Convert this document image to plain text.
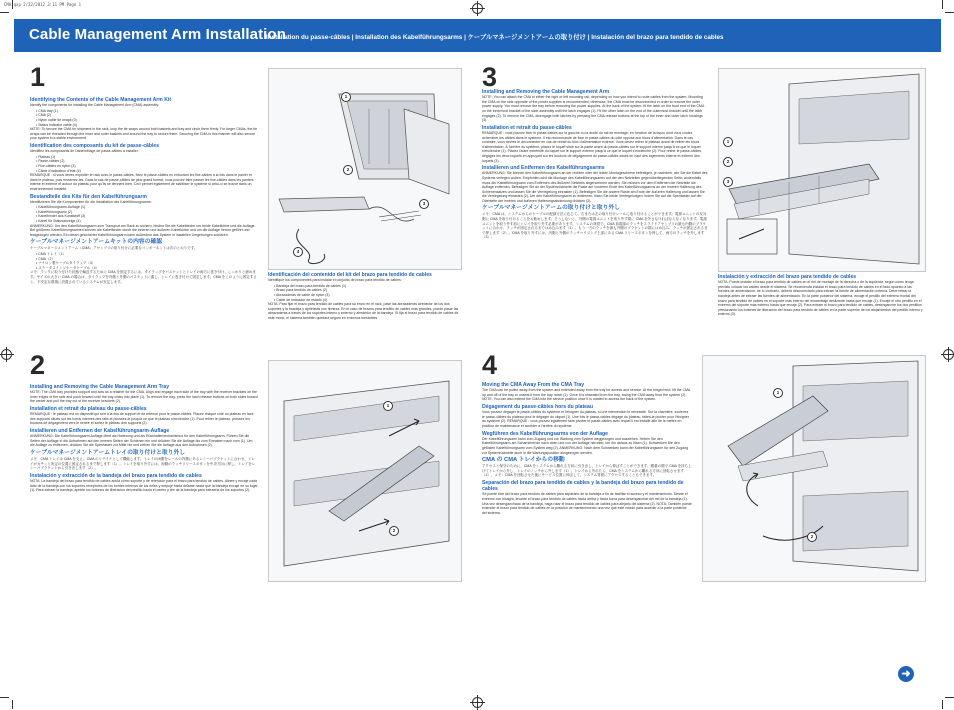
CMA.qxp 2/22/2012 3:11 PM Page 1
Cable Management Arm Installation
Installation du passe-câbles | Installation des Kabelführungsarms | ケーブルマネージメントアームの取り付け | Instalación del brazo para tendido de cables
1
Identifying the Contents of the Cable Management Arm Kit
Identify the components for installing the Cable Management Arm (CMA) assembly:
• CMA tray (1)
• CMA (2)
• Nylon cable tie wraps (3)
• Status indicator cable (4)
NOTE: To secure the CMA for shipment in the rack, loop the tie wraps around both baskets and tray and cinch them firmly. For larger CMAs, the tie wraps can be threaded through the inner and outer baskets and around the tray to secure them. Securing the CMA in this manner will also secure your system in a stable environment.
Identification des composants du kit de passe-câbles
Identifiez les composants de l'assemblage de passe-câbles à installer :
• Plateau (1)
• Passe-câbles (2)
• Fixe-câbles en nylon (3)
• Câble d'indicateur d'état (4)
REMARQUE : si vous devez expédier le rack avec le passe-câbles, fixez le passe-câbles en entourant les fixe-câbles à la fois dans le panier et dans le plateau, puis resserrez-les. Dans le cas de passe-câbles de plus grand format, vous pouvez faire passer les fixe-câbles dans les paniers interne et externe et autour du plateau pour qu'ils se tiennent bien. Ceci permet également de stabiliser le système si celui-ci se trouve dans un environnement instable.
Bestandteile des Kits für den Kabelführungsarm
Identifizieren Sie die Komponenten für die Installation des Kabelführungsarms:
• Kabelführungsarm-Auflage (1)
• Kabelführungsarm (2)
• Kabelbinder aus Kunststoff (3)
• Kabel für Statusanzeige (4)
ANMERKUNG: Um den Kabelführungsarm zum Transport am Rack zu sichern, binden Sie die Kabelbinder um beide Kabelkörbe und die Auflage. Bei größeren Kabelführungsarmen können die Kabelbinder durch die inneren und äußeren Kabelkörbe und um die Auflage herum geführt und festgezogen werden. Ein derart gesicherter Kabelführungsarm kann außerdem das System in instabilen Umgebungen schützen.
ケーブルマネージメントアームキットの内容の確認
ケーブルマネージメントアーム（CMA）アセンブリの取り付けに必要なコンポーネントは次のとおりです。
• CMA トレイ（1）
• CMA（2）
• ナイロン製ケーブルタイラップ（3）
• ステータスインジケータケーブル（4）
メモ：ラックに取り付けた状態で輸送するために CMA を固定するには、タイラップをバスケットとトレイの両方に巻き付け、しっかりと締めます。サイズの大きい CMA の場合は、タイラップを内側と外側のバスケットに通し、トレイに巻き付けて固定します。CMA をこのように固定すると、不安定な環境に設置されているシステムが安定します。
1
2
3
4
Identificación del contenido del kit del brazo para tendido de cables
Identifique los componentes para instalar el conjunto de brazo para tendido de cables:
• Bandeja del brazo para tendido de cables (1)
• Brazo para tendido de cables (2)
• Abrazaderas de cable de nylon (3)
• Cable de indicador de estado (4)
NOTA: Para fijar el brazo para tendido de cables para su envío en el rack, pase las abrazaderas alrededor de los dos soportes y la bandeja y apriételas con firmeza. En el caso de brazos para tendido de cables más grandes, puede pasar las abrazaderas a través de los soportes interno y externo y alrededor de la bandeja. Si fija el brazo para tendido de cables de este modo, el sistema también quedará seguro en entornos inestables.
2
Installing and Removing the Cable Management Arm Tray
NOTE: The CMA tray provides support and acts as a retainer for the CMA. Align and engage each side of the tray with the receiver brackets on the inner edges of the rails and push forward until the tray clicks into place (1). To remove the tray, press the latch release buttons on both sides toward the center and pull the tray out of the receiver brackets (2).
Installation et retrait du plateau du passe-câbles
REMARQUE : le plateau est un dispositif qui sert à la fois de support et de retenue pour le passe-câbles. Placez chaque côté du plateau en face des supports situés sur les bords internes des rails et poussez-le jusqu'à ce que le plateau s'enclenche (1). Pour retirer le plateau, pressez les boutons de dégagement vers le centre et sortez le plateau des supports (2).
Installieren und Entfernen der Kabelführungsarm-Auflage
ANMERKUNG: Die Kabelführungsarm-Auflage dient als Halterung und als Rückhaltemechanismus für den Kabelführungsarm. Führen Sie die Seiten der Auflage in die Aufnahmen auf den inneren Seiten der Schienen ein und drücken Sie die Auflage bis zum Einrasten nach vorn (1). Um die Auflage zu entfernen, drücken Sie die Sperrtaster zur Mitte hin und ziehen Sie die Auflage aus den Aufnahmen (2).
ケーブルマネージメントアームトレイの取り付けと取り外し
メモ：CMA トレイは CMA を支え、CMA のリテイナとして機能します。トレイの両側をレールの内側にあるレシーバブラケットに合わせ、トレイがカチッと所定の位置に固定されるまで押します（1）。トレイを取り外すには、両側のラッチリリースボタンを中央方向に押し、トレイをレシーバブラケットから引き出します（2）。
Instalación y extracción de la bandeja del brazo para tendido de cables
NOTA: La bandeja del brazo para tendido de cables actúa como soporte y de retención para el brazo para tendido de cables. Alinee y encaje cada lado de la bandeja con los soportes receptores de los bordes internos de los rieles y empuje hacia delante hasta que la bandeja encaje en su lugar (1). Para extraer la bandeja, apriete los botones de liberación del pestillo hacia el centro y tire de la bandeja para extraerla de los soportes (2).
1
2
3
Installing and Removing the Cable Management Arm
NOTE: You can attach the CMA to either the right or left mounting rail, depending on how you intend to route cables from the system. Mounting the CMA on the side opposite of the power supplies is recommended; otherwise, the CMA must be disconnected in order to remove the outer power supply. You must remove the tray before removing the power supplies. At the back of the system, fit the latch on the front end of the CMA on the innermost bracket of the slide assembly until the latch engages (1). Fit the other latch on the end of the outermost bracket until the latch engages (2). To remove the CMA, disengage both latches by pressing the CMA release buttons at the top of the inner and outer latch housings (3).
Installation et retrait du passe-câbles
REMARQUE : vous pouvez fixer le passe-câbles sur la gauche ou la droite du rail de montage, en fonction de la façon dont vous voulez acheminer les câbles dans le système. Il est recommandé de fixer le passe-câbles du côté opposé aux blocs d'alimentation. Dans le cas contraire, vous devrez le déconnecter en cas de retrait du bloc d'alimentation externe. Vous devez retirer le plateau avant de retirer les blocs d'alimentation. À l'arrière du système, placez le loquet situé sur la partie avant du passe-câbles sur le support interne jusqu'à ce que le loquet s'enclenche (1). Placez l'autre extrémité du loquet sur le support externe jusqu'à ce que le loquet s'enclenche (2). Pour retirer le passe-câbles, dégagez les deux loquets en appuyant sur les boutons de dégagement du passe-câbles situés en haut des logements interne et externe des loquets (3).
Installieren und Entfernen des Kabelführungsarms
ANMERKUNG: Sie können den Kabelführungsarm an der rechten oder der linken Montageschiene befestigen, je nachdem, wie Sie die Kabel des Systems verlegen wollen. Empfohlen wird die Montage des Kabelführungsarms auf der den Netzteilen gegenüberliegenden Seite; andernfalls muss der Kabelführungsarm zum Entfernen des äußeren Netzteils abgenommen werden. Sie müssen vor dem Entfernen der Netzteile die Auflage entfernen. Befestigen Sie an der Systemrückseite die Raste am vorderen Ende des Kabelführungsarms an der inneren Halterung des Schienensatzes und lassen Sie die Verriegelung einrasten (1). Befestigen Sie die andere Raste am Ende der äußeren Halterung und lassen Sie die Verriegelung einrasten (2). Um den Kabelführungsarm zu entfernen, lösen Sie beide Verriegelungen, indem Sie auf die Sperrtaster auf der Oberseite der inneren und äußeren Halterungsabdeckung drücken (3).
ケーブルマネージメントアームの取り付けと取り外し
メモ：CMA は、システムからのケーブルの配線方法に応じて、右または左の取り付けレールに取り付けることができます。電源ユニットの反対側に CMA を取り付けることをお勧めします。そうしないと、外側の電源ユニットを取り外す際に CMA を外さなければならなくなります。電源ユニットを取り外す前にトレイを取り外す必要があります。システムの背面で、CMA 前端部のラッチをスライドアセンブリの最も内側のブラケットに合わせ、ラッチが固定されるまではめ込みます（1）。もう一方のラッチを最も外側のブラケットの端にはめ込み、ラッチが固定されるまで押します（2）。CMA を取り外すには、内側と外側のラッチハウジング上部にある CMA リリースボタンを押して、両方のラッチを外します（3）。
1
2
3
Instalación y extracción del brazo para tendido de cables
NOTA: Puede instalar el brazo para tendido de cables en el riel de montaje de la derecha o de la izquierda, según cómo tenga previsto colocar los cables desde el sistema. Se recomienda instalar el brazo para tendido de cables en el lado opuesto a las fuentes de alimentación; de lo contrario, deberá desconectarlo para extraer la fuente de alimentación externa. Debe retirar la bandeja antes de extraer las fuentes de alimentación. En la parte posterior del sistema, encaje el pestillo del extremo frontal del brazo para tendido de cables en el soporte más interno del ensamblaje deslizante hasta que encaje (1). Encaje el otro pestillo en el extremo del soporte más externo hasta que encaje (2). Para extraer el brazo para tendido de cables, desenganche los dos pestillos presionando los botones de liberación del brazo para tendido de cables en la parte superior de los alojamientos del pestillo interno y externo (3).
4
Moving the CMA Away From the CMA Tray
The CMA can be pulled away from the system and extended away from the tray for access and service. At the hinged end, lift the CMA up and off of the tray to unseat it from the tray notch (1). Once it is unseated from the tray, swing the CMA away from the system (2). NOTE: You can also extend the CMA into the service position once it is rotated to access the back of the system.
Dégagement du passe-câbles hors du plateau
Vous pouvez dégager le passe-câbles du système et l'éloigner du plateau, si une intervention le nécessite. Sur la charnière, soulevez le passe-câbles du plateau pour le dégager du cliquet (1). Une fois le passe-câbles dégagé du plateau, faites-le pivoter pour l'éloigner du système (2). REMARQUE : vous pouvez également faire pivoter le passe-câbles avec lequel il est installé afin de le mettre en position de maintenance et accéder à l'arrière du système.
Wegführen des Kabelführungsarms von der Auflage
Der Kabelführungsarm kann zum Zugang und zur Wartung vom System weggezogen und ausziehen. Heben Sie den Kabelführungsarm am Scharnierende nach oben und von der Auflage herunter, um ihn daraus zu lösen (1). Schwenken Sie den gelösten Kabelführungsarm vom System weg (2). ANMERKUNG: Nach dem Schwenken kann der Kabelführungsarm für den Zugang zur Systemrückseite auch in die Wartungsposition ausgezogen werden.
CMA の CMA トレイからの移動
アクセスと保守のために、CMA をシステムから離れる方向に引き出し、トレイから伸ばすことができます。蝶番の側で CMA を持ち上げてトレイから外し、トレイのノッチから外します（1）。トレイから外れたら、CMA をシステムから離れる方向に回転させます（2）。メモ：CMA を回転させた後にサービス位置に伸ばして、システム背面にアクセスすることもできます。
Separación del brazo para tendido de cables y la bandeja del brazo para tendido de cables
Se puede tirar del brazo para tendido de cables para separarlo de la bandeja a fin de facilitar el acceso y el mantenimiento. Desde el extremo con bisagra, levante el brazo para tendido de cables hacia arriba y hacia fuera para desenganchar del riel de la bandeja (1). Una vez desenganchado de la bandeja, haga rotar el brazo para tendido de cables para alejarlo del sistema (2). NOTA: También puede extender el brazo para tendido de cables en la posición de mantenimiento una vez que esté rotado para acceder a la parte posterior del sistema.
1
2
➜
